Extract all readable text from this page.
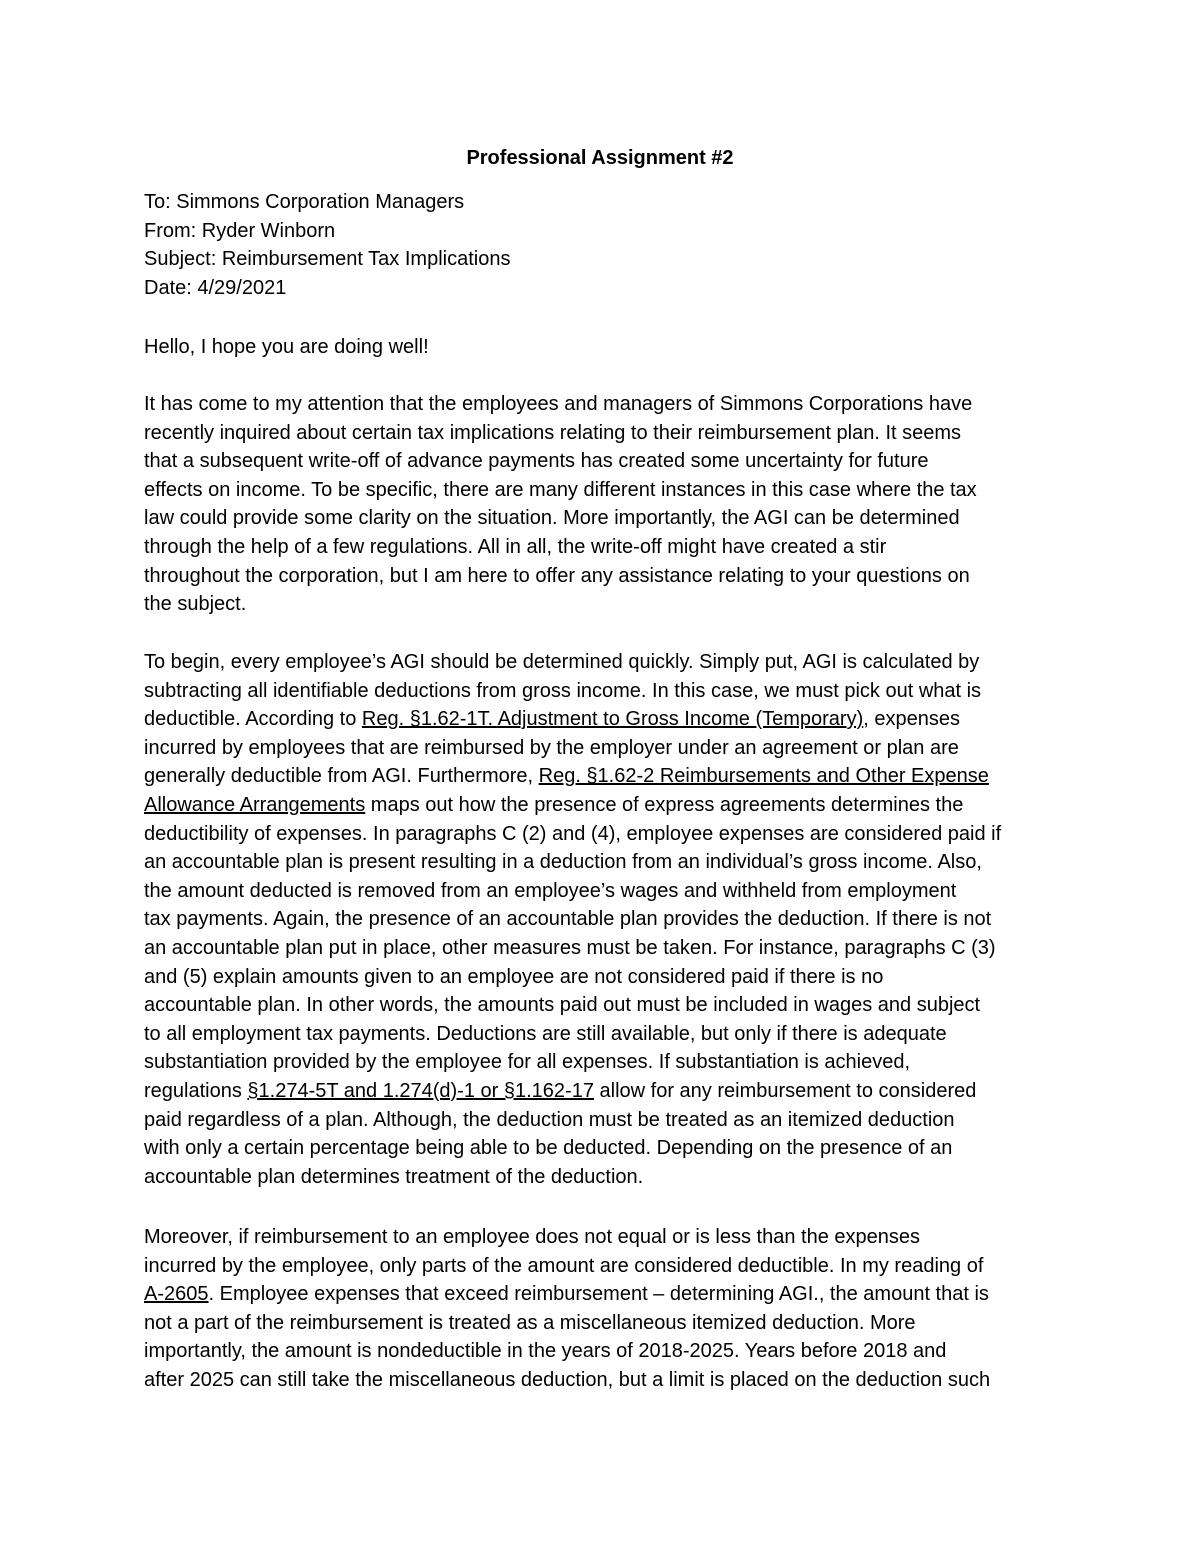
Professional Assignment #2
To: Simmons Corporation Managers
From: Ryder Winborn
Subject: Reimbursement Tax Implications
Date: 4/29/2021
Hello, I hope you are doing well!
It has come to my attention that the employees and managers of Simmons Corporations have
recently inquired about certain tax implications relating to their reimbursement plan. It seems
that a subsequent write-off of advance payments has created some uncertainty for future
effects on income. To be specific, there are many different instances in this case where the tax
law could provide some clarity on the situation. More importantly, the AGI can be determined
through the help of a few regulations. All in all, the write-off might have created a stir
throughout the corporation, but I am here to offer any assistance relating to your questions on
the subject.
To begin, every employee’s AGI should be determined quickly. Simply put, AGI is calculated by
subtracting all identifiable deductions from gross income. In this case, we must pick out what is
deductible. According to Reg. §1.62-1T. Adjustment to Gross Income (Temporary), expenses
incurred by employees that are reimbursed by the employer under an agreement or plan are
generally deductible from AGI. Furthermore, Reg. §1.62-2 Reimbursements and Other Expense
Allowance Arrangements maps out how the presence of express agreements determines the
deductibility of expenses. In paragraphs C (2) and (4), employee expenses are considered paid if
an accountable plan is present resulting in a deduction from an individual’s gross income. Also,
the amount deducted is removed from an employee’s wages and withheld from employment
tax payments. Again, the presence of an accountable plan provides the deduction. If there is not
an accountable plan put in place, other measures must be taken. For instance, paragraphs C (3)
and (5) explain amounts given to an employee are not considered paid if there is no
accountable plan. In other words, the amounts paid out must be included in wages and subject
to all employment tax payments. Deductions are still available, but only if there is adequate
substantiation provided by the employee for all expenses. If substantiation is achieved,
regulations §1.274-5T and 1.274(d)-1 or §1.162-17 allow for any reimbursement to considered
paid regardless of a plan. Although, the deduction must be treated as an itemized deduction
with only a certain percentage being able to be deducted. Depending on the presence of an
accountable plan determines treatment of the deduction.
Moreover, if reimbursement to an employee does not equal or is less than the expenses
incurred by the employee, only parts of the amount are considered deductible. In my reading of
A-2605. Employee expenses that exceed reimbursement – determining AGI., the amount that is
not a part of the reimbursement is treated as a miscellaneous itemized deduction. More
importantly, the amount is nondeductible in the years of 2018-2025. Years before 2018 and
after 2025 can still take the miscellaneous deduction, but a limit is placed on the deduction such
